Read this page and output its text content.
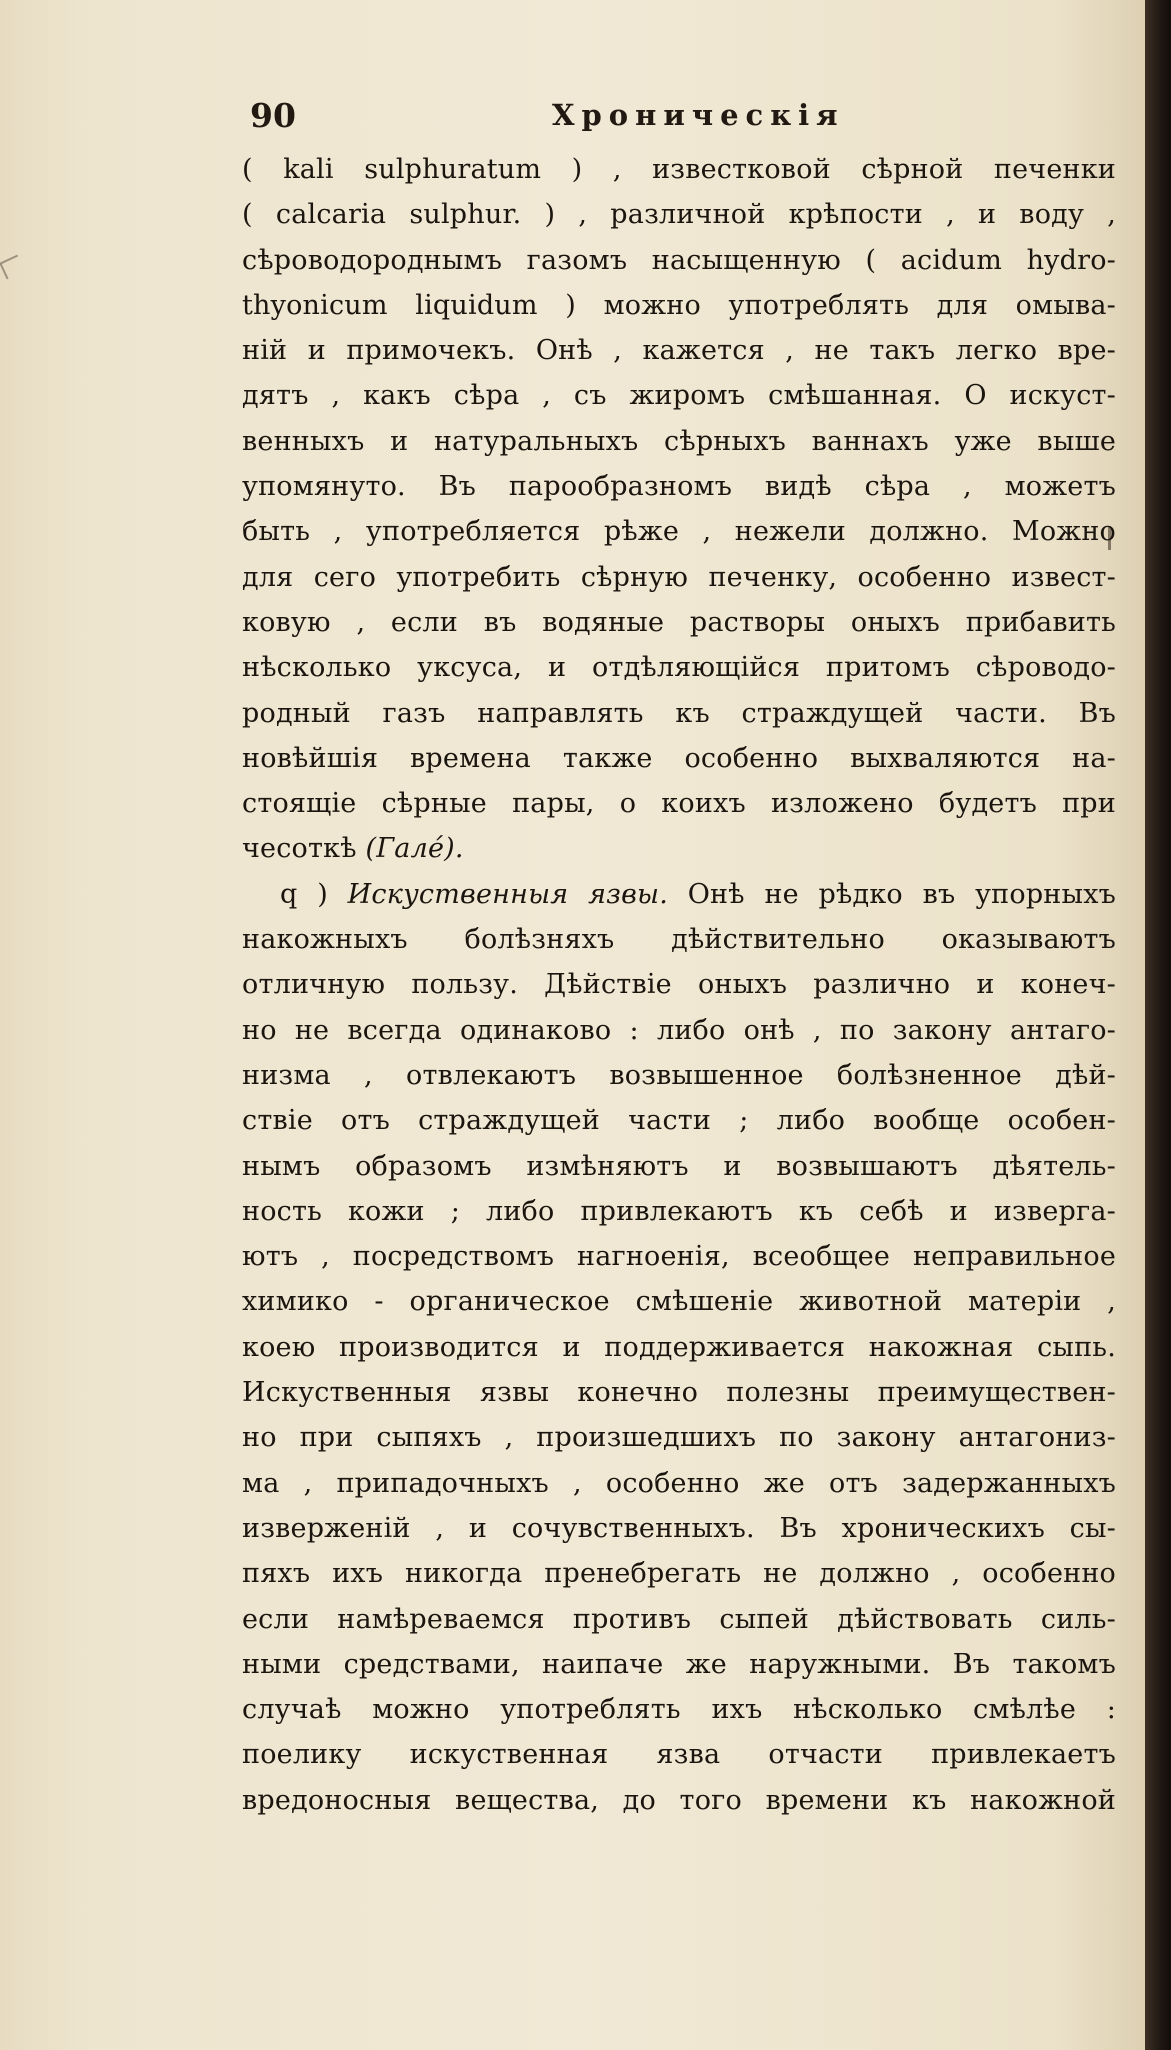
90	Хроническія
( kali sulphuratum ) , известковой сѣрной печенки
( calcaria sulphur. ) , различной крѣпости , и воду ,
сѣроводороднымъ газомъ насыщенную ( acidum hydro-
thyonicum liquidum ) можно употреблять для омыва-
ній и примочекъ. Онѣ , кажется , не такъ легко вре-
дятъ , какъ сѣра , съ жиромъ смѣшанная. О искуст-
венныхъ и натуральныхъ сѣрныхъ ваннахъ уже выше
упомянуто. Въ парообразномъ видѣ сѣра , можетъ
быть , употребляется рѣже , нежели должно. Можно
для сего употребить сѣрную печенку, особенно извест-
ковую , если въ водяные растворы оныхъ прибавить
нѣсколько уксуса, и отдѣляющійся притомъ сѣроводо-
родный газъ направлять къ страждущей части. Въ
новѣйшія времена также особенно выхваляются на-
стоящіе сѣрные пары, о коихъ изложено будетъ при
чесоткѣ (Галé).
q ) Искуственныя язвы. Онѣ не рѣдко въ упорныхъ
накожныхъ болѣзняхъ дѣйствительно оказываютъ
отличную пользу. Дѣйствіе оныхъ различно и конеч-
но не всегда одинаково : либо онѣ , по закону антаго-
низма , отвлекаютъ возвышенное болѣзненное дѣй-
ствіе отъ страждущей части ; либо вообще особен-
нымъ образомъ измѣняютъ и возвышаютъ дѣятель-
ность кожи ; либо привлекаютъ къ себѣ и изверга-
ютъ , посредствомъ нагноенія, всеобщее неправильное
химико - органическое смѣшеніе животной матеріи ,
коею производится и поддерживается накожная сыпь.
Искуственныя язвы конечно полезны преимуществен-
но при сыпяхъ , произшедшихъ по закону антагониз-
ма , припадочныхъ , особенно же отъ задержанныхъ
изверженій , и сочувственныхъ. Въ хроническихъ сы-
пяхъ ихъ никогда пренебрегать не должно , особенно
если намѣреваемся противъ сыпей дѣйствовать силь-
ными средствами, наипаче же наружными. Въ такомъ
случаѣ можно употреблять ихъ нѣсколько смѣлѣе :
поелику искуственная язва отчасти привлекаетъ
вредоносныя вещества, до того времени къ накожной
